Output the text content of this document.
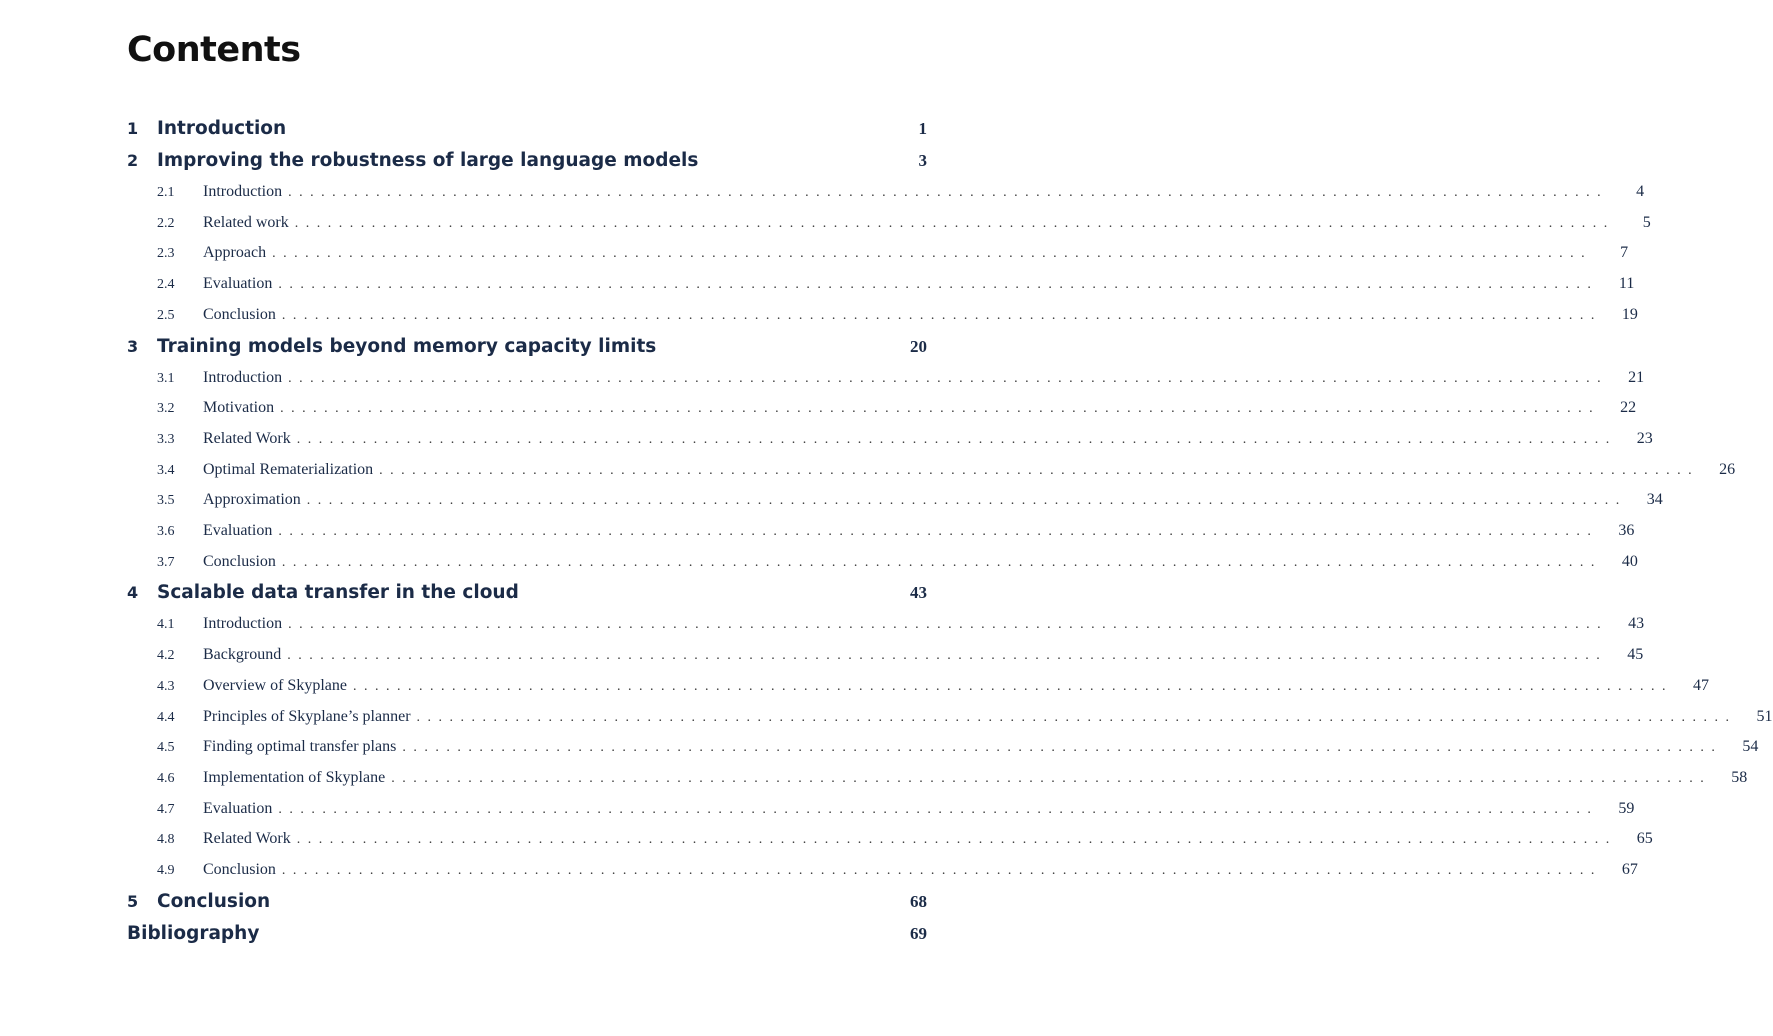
Contents
1	Introduction	1
2	Improving the robustness of large language models	3
2.1	Introduction ........................................................................................................................	4
2.2	Related work ........................................................................................................................	5
2.3	Approach ........................................................................................................................	7
2.4	Evaluation ........................................................................................................................	11
2.5	Conclusion ........................................................................................................................	19
3	Training models beyond memory capacity limits	20
3.1	Introduction ........................................................................................................................	21
3.2	Motivation ........................................................................................................................	22
3.3	Related Work ........................................................................................................................	23
3.4	Optimal Rematerialization ........................................................................................................................	26
3.5	Approximation ........................................................................................................................	34
3.6	Evaluation ........................................................................................................................	36
3.7	Conclusion ........................................................................................................................	40
4	Scalable data transfer in the cloud	43
4.1	Introduction ........................................................................................................................	43
4.2	Background ........................................................................................................................	45
4.3	Overview of Skyplane ........................................................................................................................	47
4.4	Principles of Skyplane’s planner ........................................................................................................................	51
4.5	Finding optimal transfer plans ........................................................................................................................	54
4.6	Implementation of Skyplane ........................................................................................................................	58
4.7	Evaluation ........................................................................................................................	59
4.8	Related Work ........................................................................................................................	65
4.9	Conclusion ........................................................................................................................	67
5	Conclusion	68
Bibliography	69
